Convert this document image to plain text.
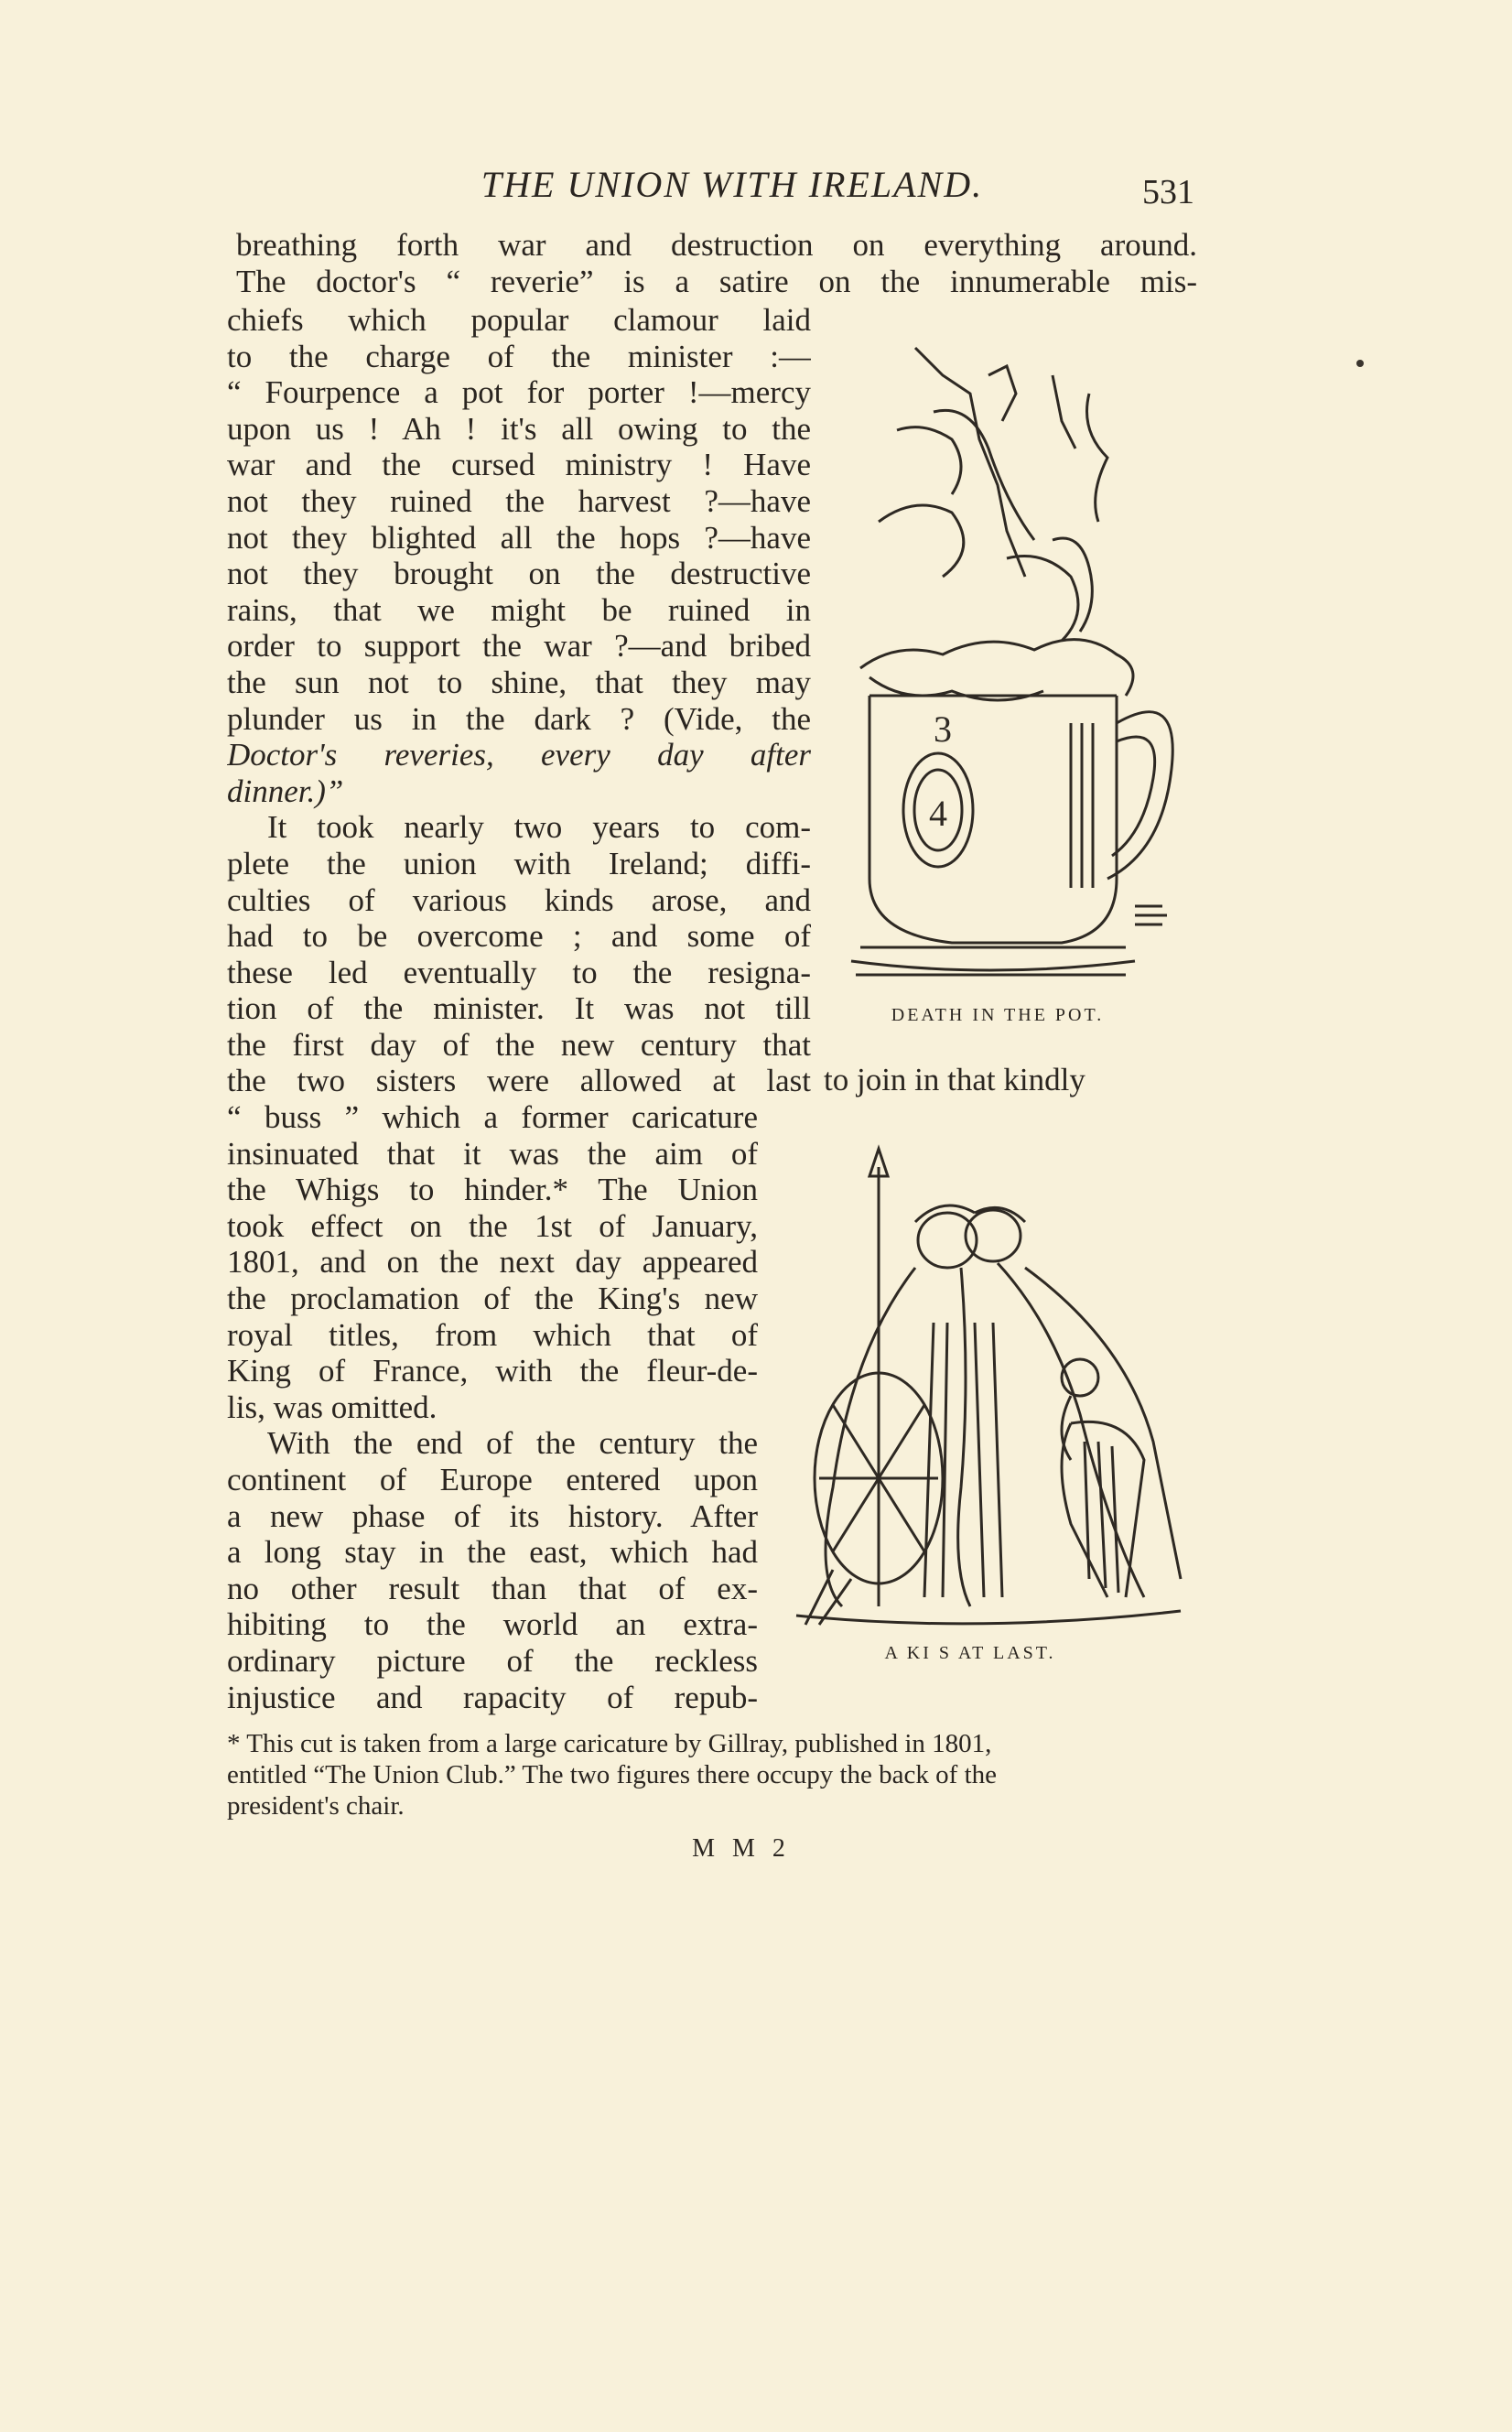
THE UNION WITH IRELAND.	531
breathing forth war and destruction on everything around.
The doctor's “ reverie” is a satire on the innumerable mis-
chiefs which popular clamour laid
to the charge of the minister :—
“ Fourpence a pot for porter !—mercy
upon us ! Ah ! it's all owing to the
war and the cursed ministry ! Have
not they ruined the harvest ?—have
not they blighted all the hops ?—have
not they brought on the destructive
rains, that we might be ruined in
order to support the war ?—and bribed
the sun not to shine, that they may
plunder us in the dark ? (Vide, the
Doctor's reveries, every day after
dinner.)”
It took nearly two years to com-
plete the union with Ireland; diffi-
culties of various kinds arose, and
had to be overcome ; and some of
these led eventually to the resigna-
tion of the minister. It was not till
the first day of the new century that
the two sisters were allowed at last to join in that kindly
“ buss ” which a former caricature
insinuated that it was the aim of
the Whigs to hinder.* The Union
took effect on the 1st of January,
1801, and on the next day appeared
the proclamation of the King's new
royal titles, from which that of
King of France, with the fleur-de-
lis, was omitted.
With the end of the century the
continent of Europe entered upon
a new phase of its history. After
a long stay in the east, which had
no other result than that of ex-
hibiting to the world an extra-
ordinary picture of the reckless
injustice and rapacity of repub-
4
3
DEATH IN THE POT.
A KI S AT LAST.
* This cut is taken from a large caricature by Gillray, published in 1801,
entitled “The Union Club.” The two figures there occupy the back of the
president's chair.
M M 2
